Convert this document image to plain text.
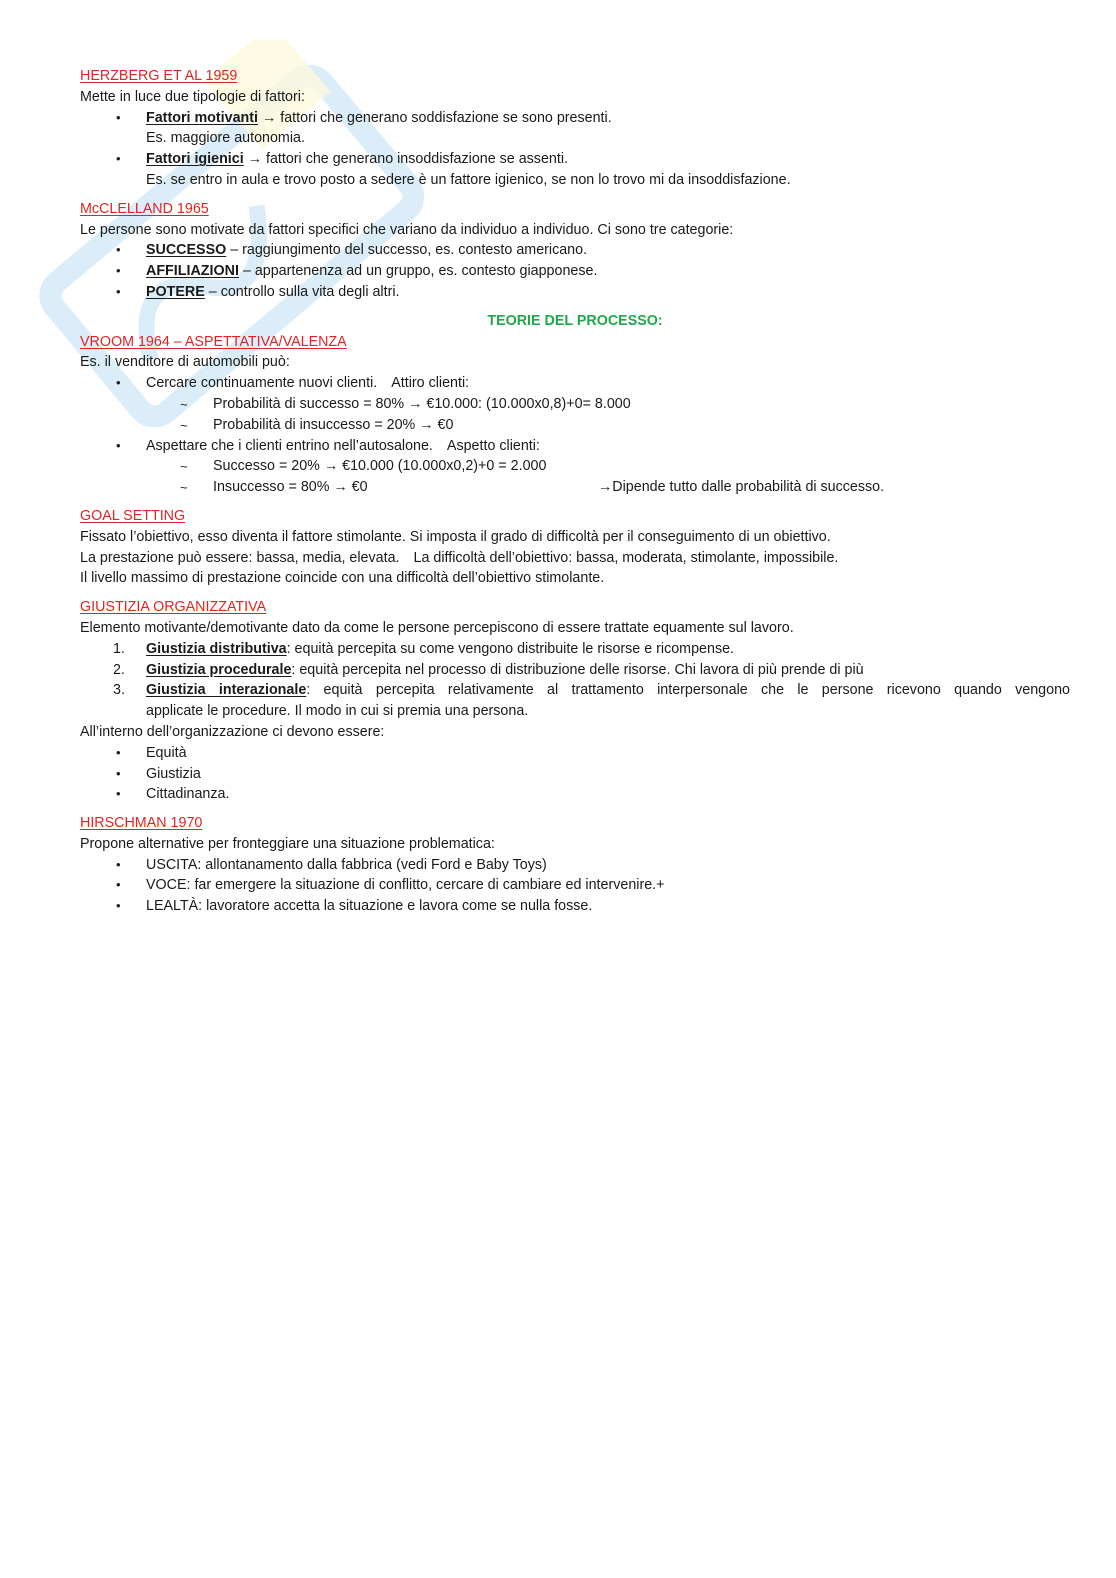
HERZBERG ET AL 1959
Mette in luce due tipologie di fattori:
• Fattori motivanti → fattori che generano soddisfazione se sono presenti.
Es. maggiore autonomia.
• Fattori igienici → fattori che generano insoddisfazione se assenti.
Es. se entro in aula e trovo posto a sedere è un fattore igienico, se non lo trovo mi da insoddisfazione.
McCLELLAND 1965
Le persone sono motivate da fattori specifici che variano da individuo a individuo. Ci sono tre categorie:
• SUCCESSO – raggiungimento del successo, es. contesto americano.
• AFFILIAZIONI – appartenenza ad un gruppo, es. contesto giapponese.
• POTERE – controllo sulla vita degli altri.
TEORIE DEL PROCESSO:
VROOM 1964 – ASPETTATIVA/VALENZA
Es. il venditore di automobili può:
• Cercare continuamente nuovi clienti. Attiro clienti:
~ Probabilità di successo = 80% → €10.000: (10.000x0,8)+0= 8.000
~ Probabilità di insuccesso = 20% → €0
• Aspettare che i clienti entrino nell’autosalone. Aspetto clienti:
~ Successo = 20% → €10.000 (10.000x0,2)+0 = 2.000
~ Insuccesso = 80% → €0	→Dipende tutto dalle probabilità di successo.
GOAL SETTING
Fissato l’obiettivo, esso diventa il fattore stimolante. Si imposta il grado di difficoltà per il conseguimento di un obiettivo.
La prestazione può essere: bassa, media, elevata. La difficoltà dell’obiettivo: bassa, moderata, stimolante, impossibile.
Il livello massimo di prestazione coincide con una difficoltà dell’obiettivo stimolante.
GIUSTIZIA ORGANIZZATIVA
Elemento motivante/demotivante dato da come le persone percepiscono di essere trattate equamente sul lavoro.
1. Giustizia distributiva: equità percepita su come vengono distribuite le risorse e ricompense.
2. Giustizia procedurale: equità percepita nel processo di distribuzione delle risorse. Chi lavora di più prende di più
3. Giustizia interazionale: equità percepita relativamente al trattamento interpersonale che le persone ricevono quando vengono
applicate le procedure. Il modo in cui si premia una persona.
All’interno dell’organizzazione ci devono essere:
• Equità
• Giustizia
• Cittadinanza.
HIRSCHMAN 1970
Propone alternative per fronteggiare una situazione problematica:
• USCITA: allontanamento dalla fabbrica (vedi Ford e Baby Toys)
• VOCE: far emergere la situazione di conflitto, cercare di cambiare ed intervenire.+
• LEALTÀ: lavoratore accetta la situazione e lavora come se nulla fosse.
